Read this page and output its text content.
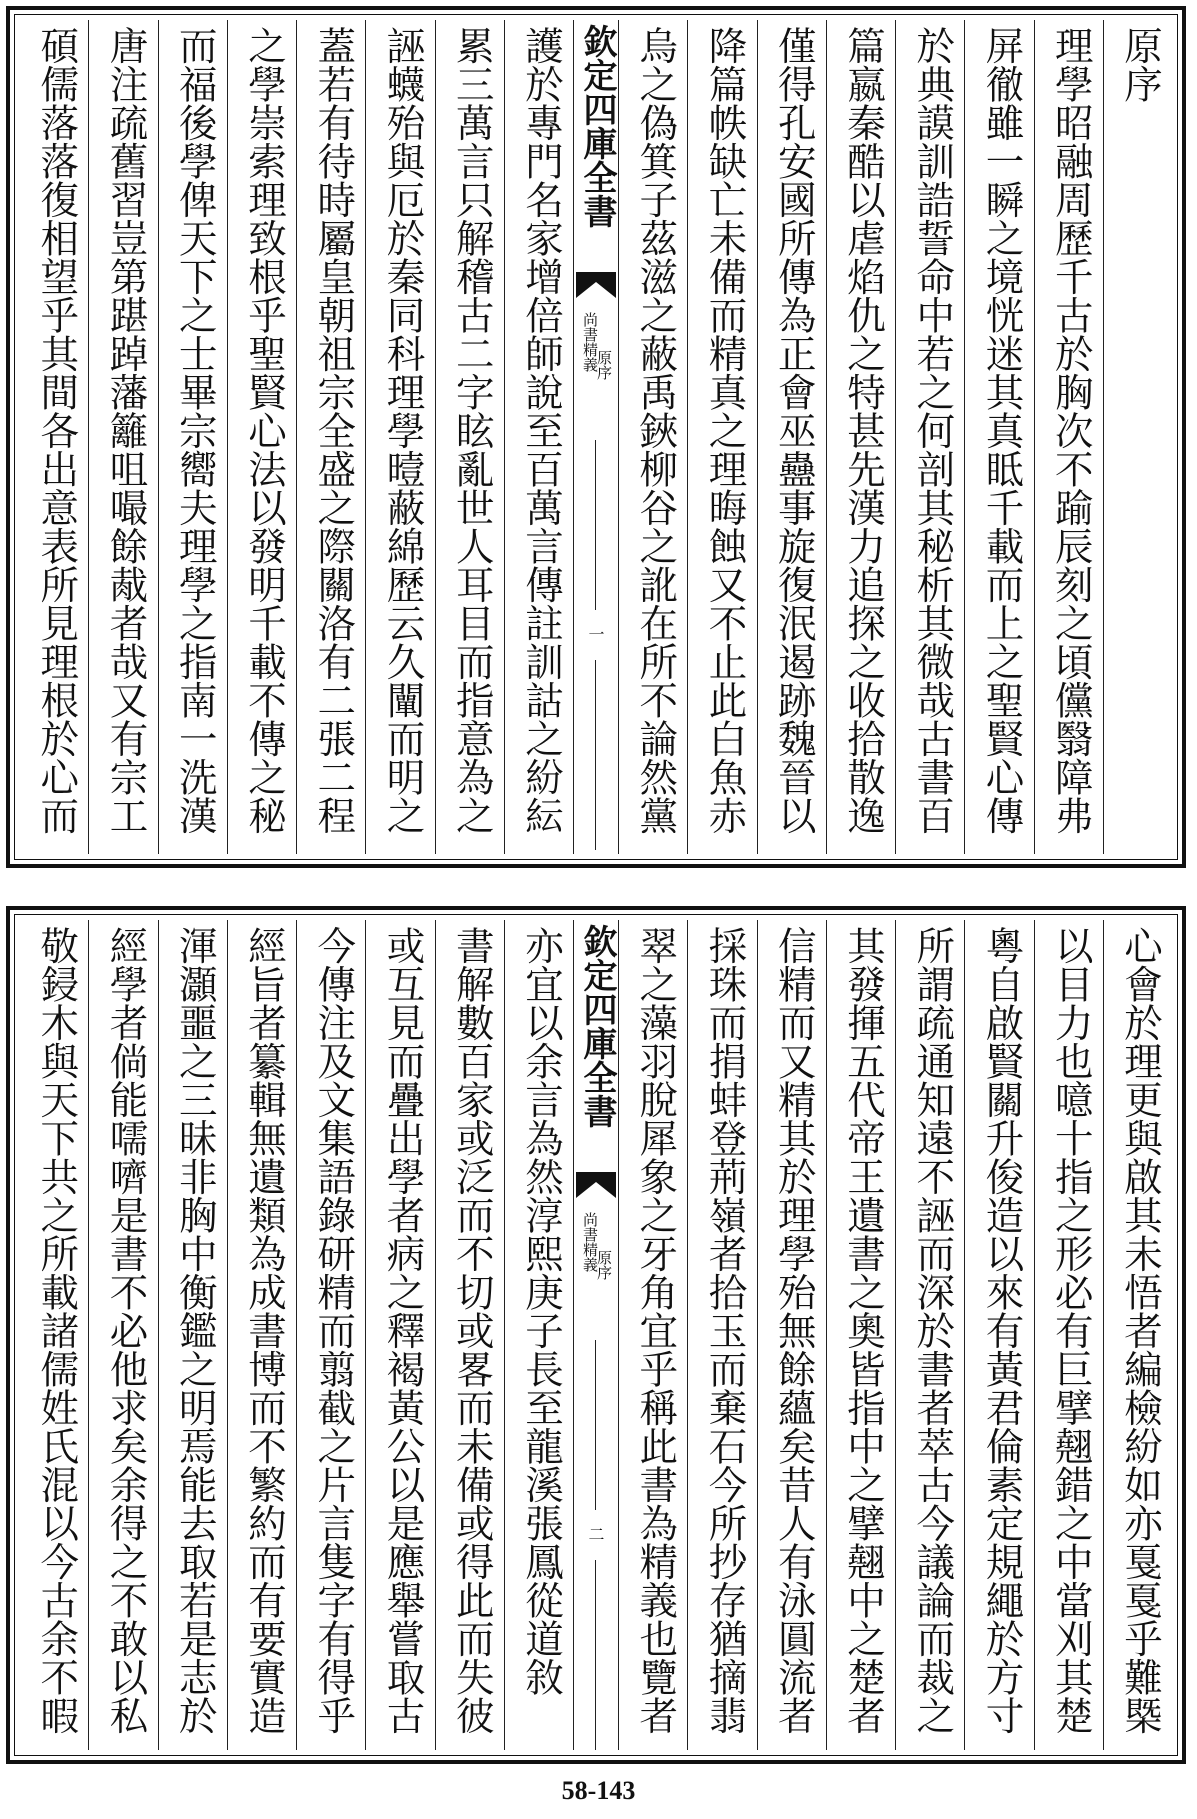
原序
理學昭融周歷千古於胸次不踰辰刻之頃儻翳障弗
屏徹雖一瞬之境恍迷其真眡千載而上之聖賢心傳
於典謨訓誥誓命中若之何剖其秘析其微哉古書百
篇嬴秦酷以虐焰仇之特甚先漢力追探之收拾散逸
僅得孔安國所傳為正會巫蠱事旋復泯遏跡魏晉以
降篇帙缺亡未備而精真之理晦蝕又不止此白魚赤
烏之偽箕子茲滋之蔽禹鋏柳谷之訛在所不論然黨
欽定四庫全書
尚書精義
原序
一
護於專門名家增倍師說至百萬言傳註訓詁之紛紜
累三萬言只解稽古二字眩亂世人耳目而指意為之
誣蠛殆與厄於秦同科理學曀蔽綿歷云久闡而明之
蓋若有待時屬皇朝祖宗全盛之際關洛有二張二程
之學崇索理致根乎聖賢心法以發明千載不傳之秘
而福後學俾天下之士畢宗嚮夫理學之指南一洗漢
唐注疏舊習豈第踸踔藩籬咀嘬餘胾者哉又有宗工
碩儒落落復相望乎其間各出意表所見理根於心而
心會於理更與啟其未悟者編檢紛如亦戛戛乎難槩
以目力也噫十指之形必有巨擘翹錯之中當刈其楚
粵自啟賢關升俊造以來有黃君倫素定規繩於方寸
所謂疏通知遠不誣而深於書者萃古今議論而裁之
其發揮五代帝王遺書之奧皆指中之擘翹中之楚者
信精而又精其於理學殆無餘蘊矣昔人有泳圓流者
採珠而捐蚌登荊嶺者拾玉而棄石今所抄存猶摘翡
翠之藻羽脫犀象之牙角宜乎稱此書為精義也覽者
欽定四庫全書
尚書精義
原序
二
亦宜以余言為然淳熙庚子長至龍溪張鳳從道敘
書解數百家或泛而不切或畧而未備或得此而失彼
或互見而疊出學者病之釋褐黃公以是應舉嘗取古
今傳注及文集語錄研精而翦截之片言隻字有得乎
經旨者纂輯無遺類為成書博而不繁約而有要實造
渾灝噩之三昧非胸中衡鑑之明焉能去取若是志於
經學者倘能嚅嚌是書不必他求矣余得之不敢以私
敬鋟木與天下共之所載諸儒姓氏混以今古余不暇
58-143
